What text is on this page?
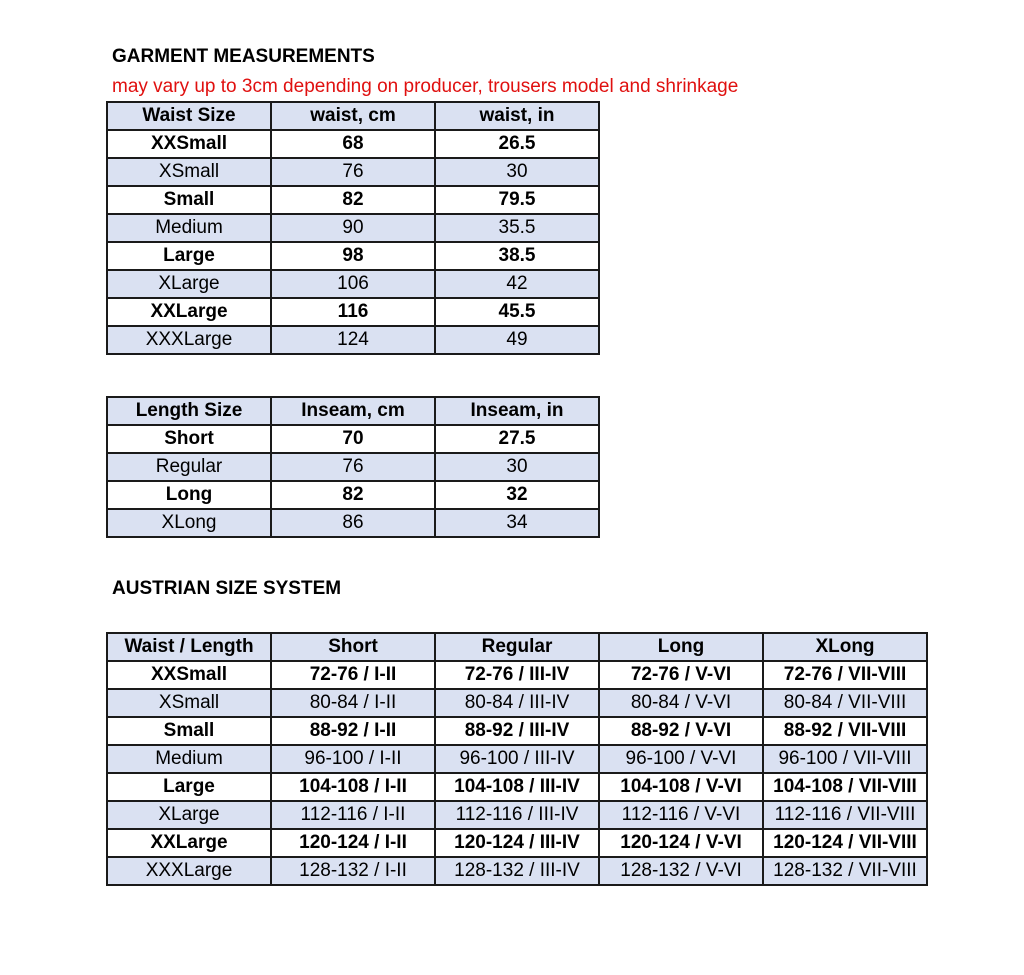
GARMENT MEASUREMENTS
may vary up to 3cm depending on producer, trousers model and shrinkage
Waist Size	waist, cm	waist, in
XXSmall	68	26.5
XSmall	76	30
Small	82	79.5
Medium	90	35.5
Large	98	38.5
XLarge	106	42
XXLarge	116	45.5
XXXLarge	124	49
Length Size	Inseam, cm	Inseam, in
Short	70	27.5
Regular	76	30
Long	82	32
XLong	86	34
AUSTRIAN SIZE SYSTEM
Waist / Length	Short	Regular	Long	XLong
XXSmall	72-76 / I-II	72-76 / III-IV	72-76 / V-VI	72-76 / VII-VIII
XSmall	80-84 / I-II	80-84 / III-IV	80-84 / V-VI	80-84 / VII-VIII
Small	88-92 / I-II	88-92 / III-IV	88-92 / V-VI	88-92 / VII-VIII
Medium	96-100 / I-II	96-100 / III-IV	96-100 / V-VI	96-100 / VII-VIII
Large	104-108 / I-II	104-108 / III-IV	104-108 / V-VI	104-108 / VII-VIII
XLarge	112-116 / I-II	112-116 / III-IV	112-116 / V-VI	112-116 / VII-VIII
XXLarge	120-124 / I-II	120-124 / III-IV	120-124 / V-VI	120-124 / VII-VIII
XXXLarge	128-132 / I-II	128-132 / III-IV	128-132 / V-VI	128-132 / VII-VIII
